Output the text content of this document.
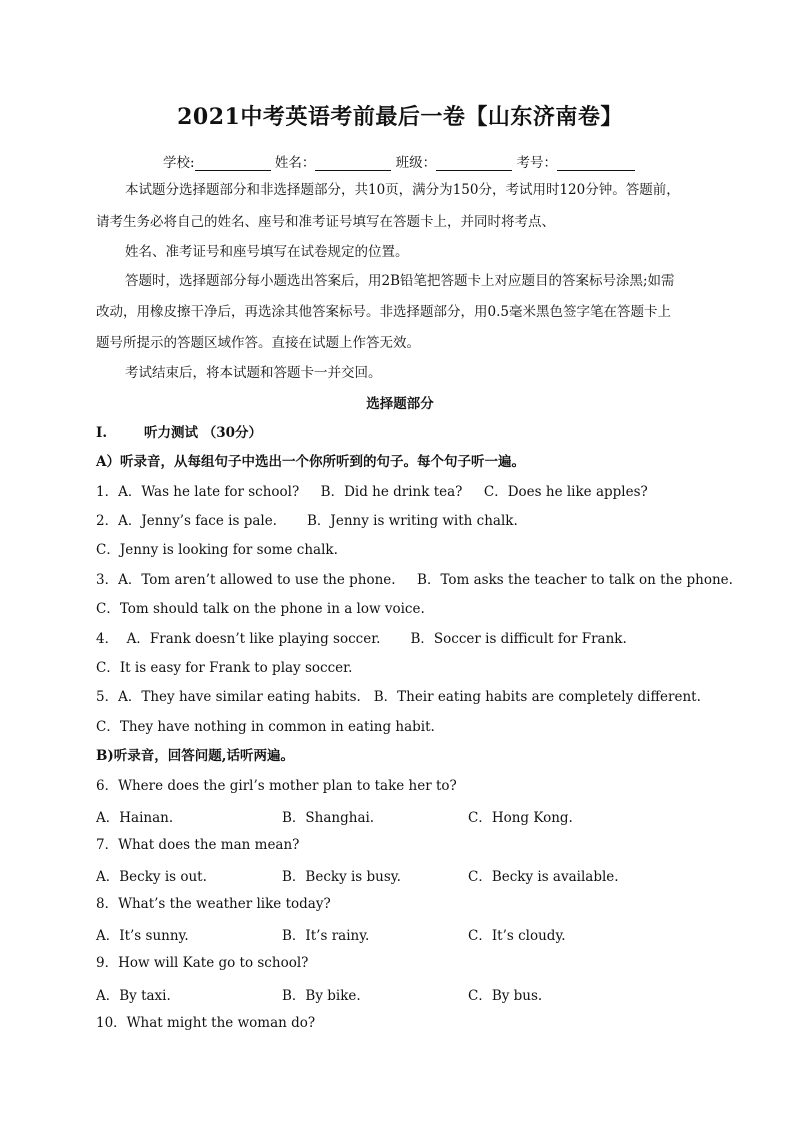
2021中考英语考前最后一卷【山东济南卷】
学校:	姓名：	班级：	考号：
本试题分选择题部分和非选择题部分，共10页，满分为150分，考试用时120分钟。答题前，
请考生务必将自己的姓名、座号和准考证号填写在答题卡上，并同时将考点、
姓名、准考证号和座号填写在试卷规定的位置。
答题时，选择题部分每小题选出答案后，用2B铅笔把答题卡上对应题目的答案标号涂黑;如需
改动，用橡皮擦干净后，再选涂其他答案标号。非选择题部分，用0.5毫米黑色签字笔在答题卡上
题号所提示的答题区域作答。直接在试题上作答无效。
考试结束后，将本试题和答题卡一并交回。
选择题部分
I.	听力测试 （30分）
A）听录音，从每组句子中选出一个你所听到的句子。每个句子听一遍。
1．A．Was he late for school?     B．Did he drink tea?     C．Does he like apples?
2．A．Jenny’s face is pale.       B．Jenny is writing with chalk.
C．Jenny is looking for some chalk.
3．A．Tom aren’t allowed to use the phone.     B．Tom asks the teacher to talk on the phone.
C．Tom should talk on the phone in a low voice.
4．  A．Frank doesn’t like playing soccer.       B．Soccer is difficult for Frank.
C．It is easy for Frank to play soccer.
5．A．They have similar eating habits.   B．Their eating habits are completely different.
C．They have nothing in common in eating habit.
B)听录音，回答问题,话听两遍。
6．Where does the girl’s mother plan to take her to?
A．Hainan.	B．Shanghai.	C．Hong Kong.
7．What does the man mean?
A．Becky is out.	B．Becky is busy.	C．Becky is available.
8．What’s the weather like today?
A．It’s sunny.	B．It’s rainy.	C．It’s cloudy.
9．How will Kate go to school?
A．By taxi.	B．By bike.	C．By bus.
10．What might the woman do?
